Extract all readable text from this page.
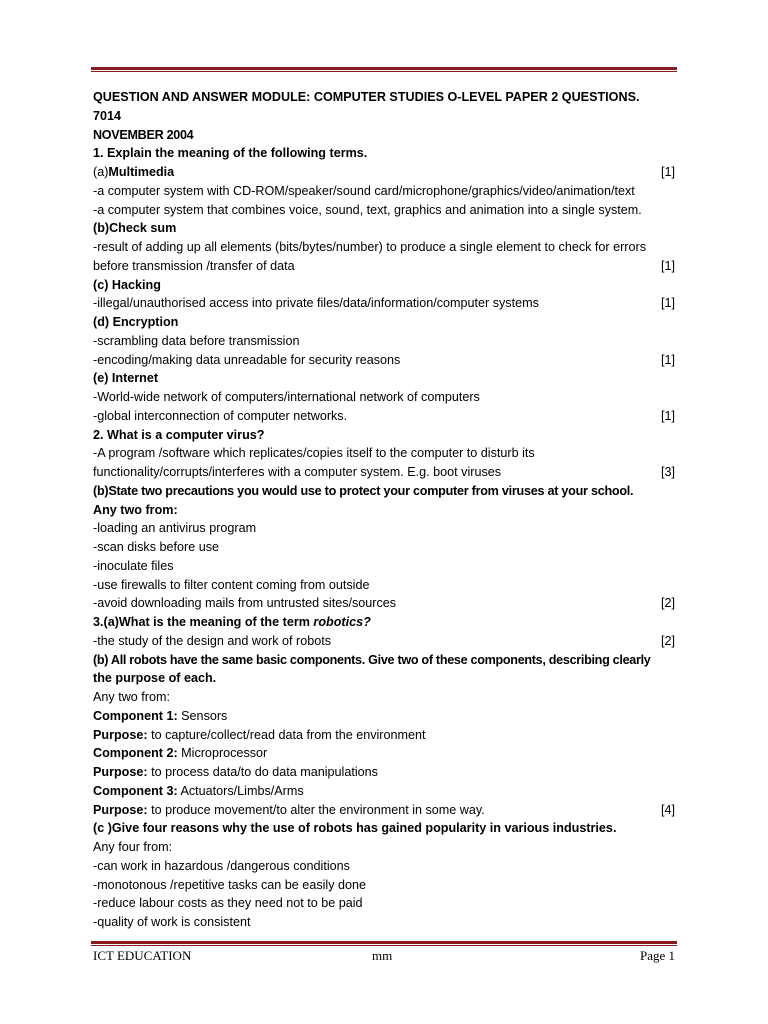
QUESTION AND ANSWER MODULE: COMPUTER STUDIES O-LEVEL PAPER 2 QUESTIONS.
7014
NOVEMBER 2004
1. Explain the meaning of the following terms.
(a)Multimedia	[1]
-a computer system with CD-ROM/speaker/sound card/microphone/graphics/video/animation/text
-a computer system that combines voice, sound, text, graphics and animation into a single system.
(b)Check sum
-result of adding up all elements (bits/bytes/number) to produce a single element to check for errors
before transmission /transfer of data	[1]
(c) Hacking
-illegal/unauthorised access into private files/data/information/computer systems	[1]
(d) Encryption
-scrambling data before transmission
-encoding/making data unreadable for security reasons	[1]
(e) Internet
-World-wide network of computers/international network of computers
-global interconnection of computer networks.	[1]
2. What is a computer virus?
-A program /software which replicates/copies itself to the computer to disturb its
functionality/corrupts/interferes with a computer system. E.g. boot viruses	[3]
(b)State two precautions you would use to protect your computer from viruses at your school.
Any two from:
-loading an antivirus program
-scan disks before use
-inoculate files
-use firewalls to filter content coming from outside
-avoid downloading mails from untrusted sites/sources	[2]
3.(a)What is the meaning of the term robotics?
-the study of the design and work of robots	[2]
(b) All robots have the same basic components. Give two of these components, describing clearly
the purpose of each.
Any two from:
Component 1: Sensors
Purpose: to capture/collect/read data from the environment
Component 2: Microprocessor
Purpose: to process data/to do data manipulations
Component 3: Actuators/Limbs/Arms
Purpose: to produce movement/to alter the environment in some way.	[4]
(c )Give four reasons why the use of robots has gained popularity in various industries.
Any four from:
-can work in hazardous /dangerous conditions
-monotonous /repetitive tasks can be easily done
-reduce labour costs as they need not to be paid
-quality of work is consistent
ICT EDUCATION	mm	Page 1
